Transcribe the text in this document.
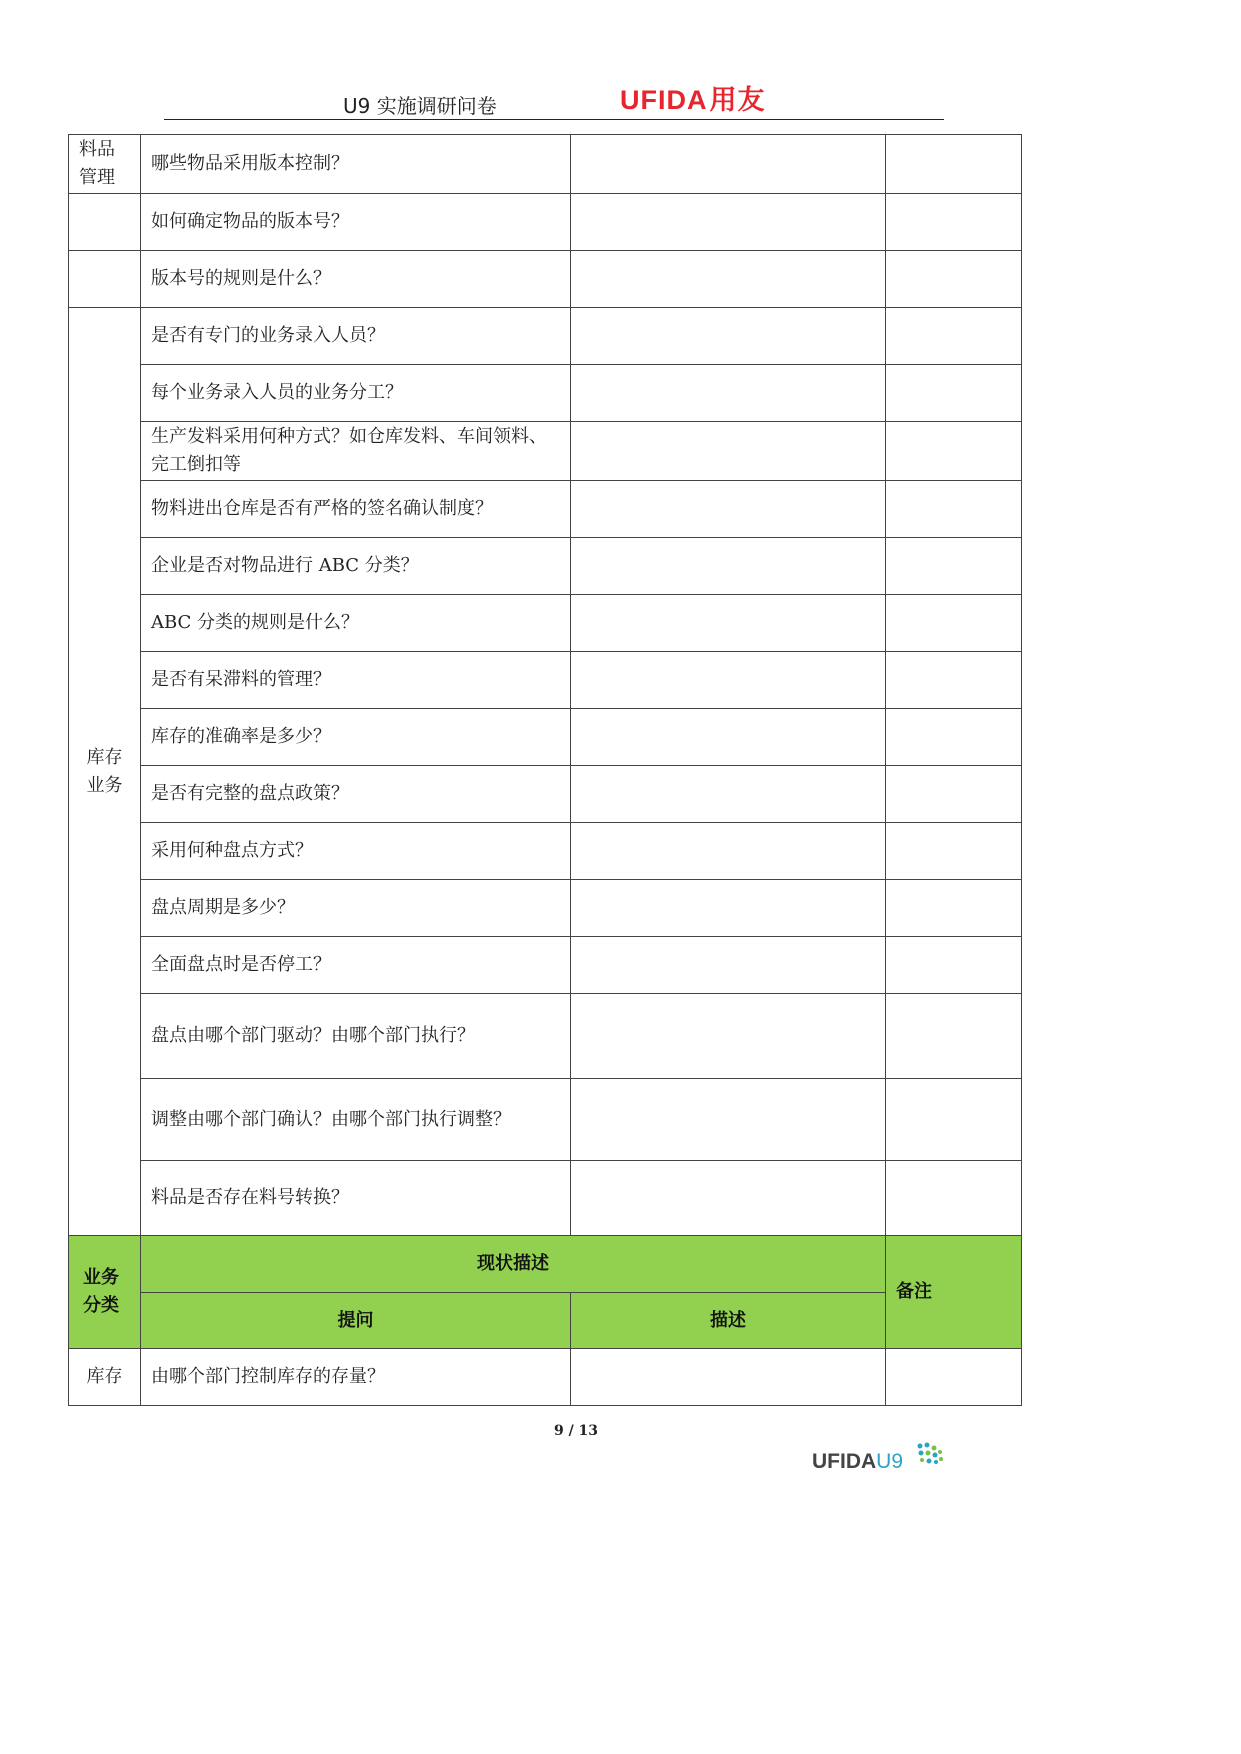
U9 实施调研问卷	UFIDA用友
料品
管理	哪些物品采用版本控制？		
	如何确定物品的版本号？		
	版本号的规则是什么？		
库存
业务	是否有专门的业务录入人员？		
	每个业务录入人员的业务分工？		
	生产发料采用何种方式？如仓库发料、车间领料、完工倒扣等		
	物料进出仓库是否有严格的签名确认制度？		
	企业是否对物品进行 ABC 分类？		
	ABC 分类的规则是什么？		
	是否有呆滞料的管理？		
	库存的准确率是多少？		
	是否有完整的盘点政策？		
	采用何种盘点方式？		
	盘点周期是多少？		
	全面盘点时是否停工？		
	盘点由哪个部门驱动？由哪个部门执行？		
	调整由哪个部门确认？由哪个部门执行调整？		
	料品是否存在料号转换？		
业务
分类	现状描述		备注
	提问	描述	
库存	由哪个部门控制库存的存量？		
9 / 13
UFIDAU9
